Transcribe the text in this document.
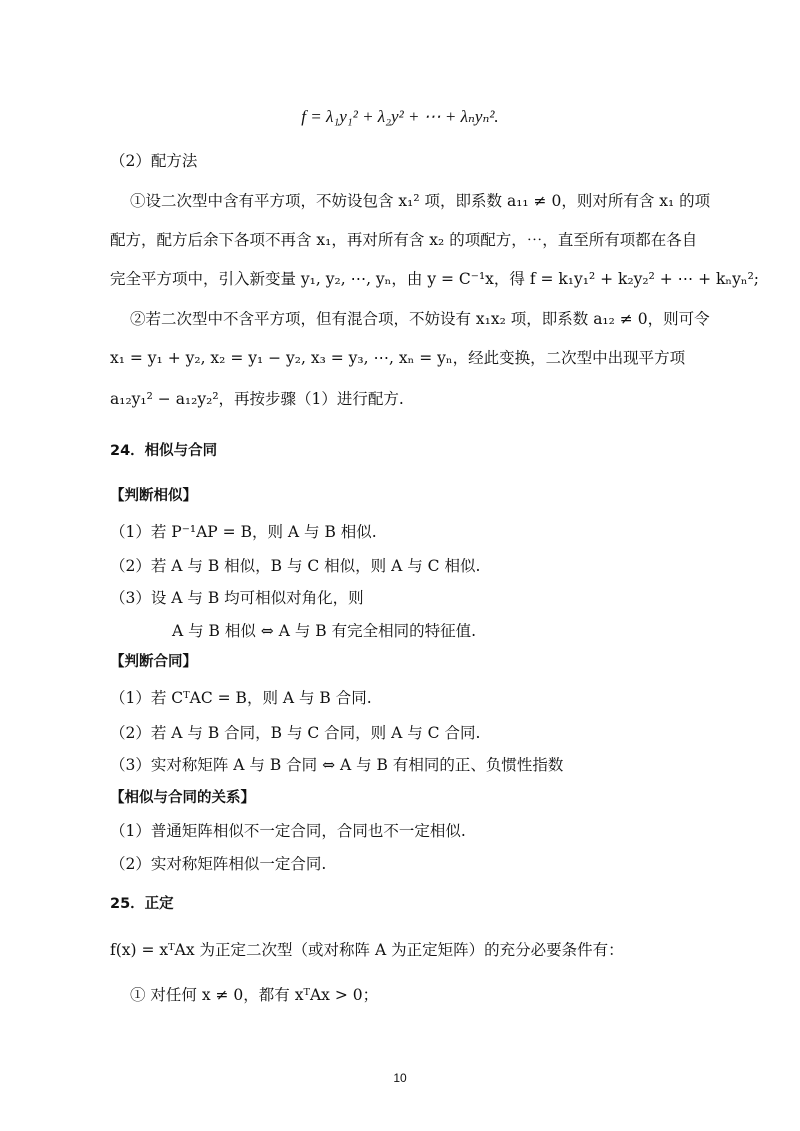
f = λ₁y₁² + λ₂y² + ⋯ + λₙyₙ².
（2）配方法
①设二次型中含有平方项，不妨设包含 x₁² 项，即系数 a₁₁ ≠ 0，则对所有含 x₁ 的项
配方，配方后余下各项不再含 x₁，再对所有含 x₂ 的项配方，⋯，直至所有项都在各自
完全平方项中，引入新变量 y₁, y₂, ⋯, yₙ，由 y = C⁻¹x，得 f = k₁y₁² + k₂y₂² + ⋯ + kₙyₙ²;
②若二次型中不含平方项，但有混合项，不妨设有 x₁x₂ 项，即系数 a₁₂ ≠ 0，则可令
x₁ = y₁ + y₂, x₂ = y₁ − y₂, x₃ = y₃, ⋯, xₙ = yₙ，经此变换，二次型中出现平方项
a₁₂y₁² − a₁₂y₂²，再按步骤（1）进行配方.
24．相似与合同
【判断相似】
（1）若 P⁻¹AP = B，则 A 与 B 相似.
（2）若 A 与 B 相似，B 与 C 相似，则 A 与 C 相似.
（3）设 A 与 B 均可相似对角化，则
A 与 B 相似 ⇔ A 与 B 有完全相同的特征值.
【判断合同】
（1）若 CᵀAC = B，则 A 与 B 合同.
（2）若 A 与 B 合同，B 与 C 合同，则 A 与 C 合同.
（3）实对称矩阵 A 与 B 合同 ⇔ A 与 B 有相同的正、负惯性指数
【相似与合同的关系】
（1）普通矩阵相似不一定合同，合同也不一定相似.
（2）实对称矩阵相似一定合同.
25．正定
f(x) = xᵀAx 为正定二次型（或对称阵 A 为正定矩阵）的充分必要条件有：
① 对任何 x ≠ 0，都有 xᵀAx > 0；
10
